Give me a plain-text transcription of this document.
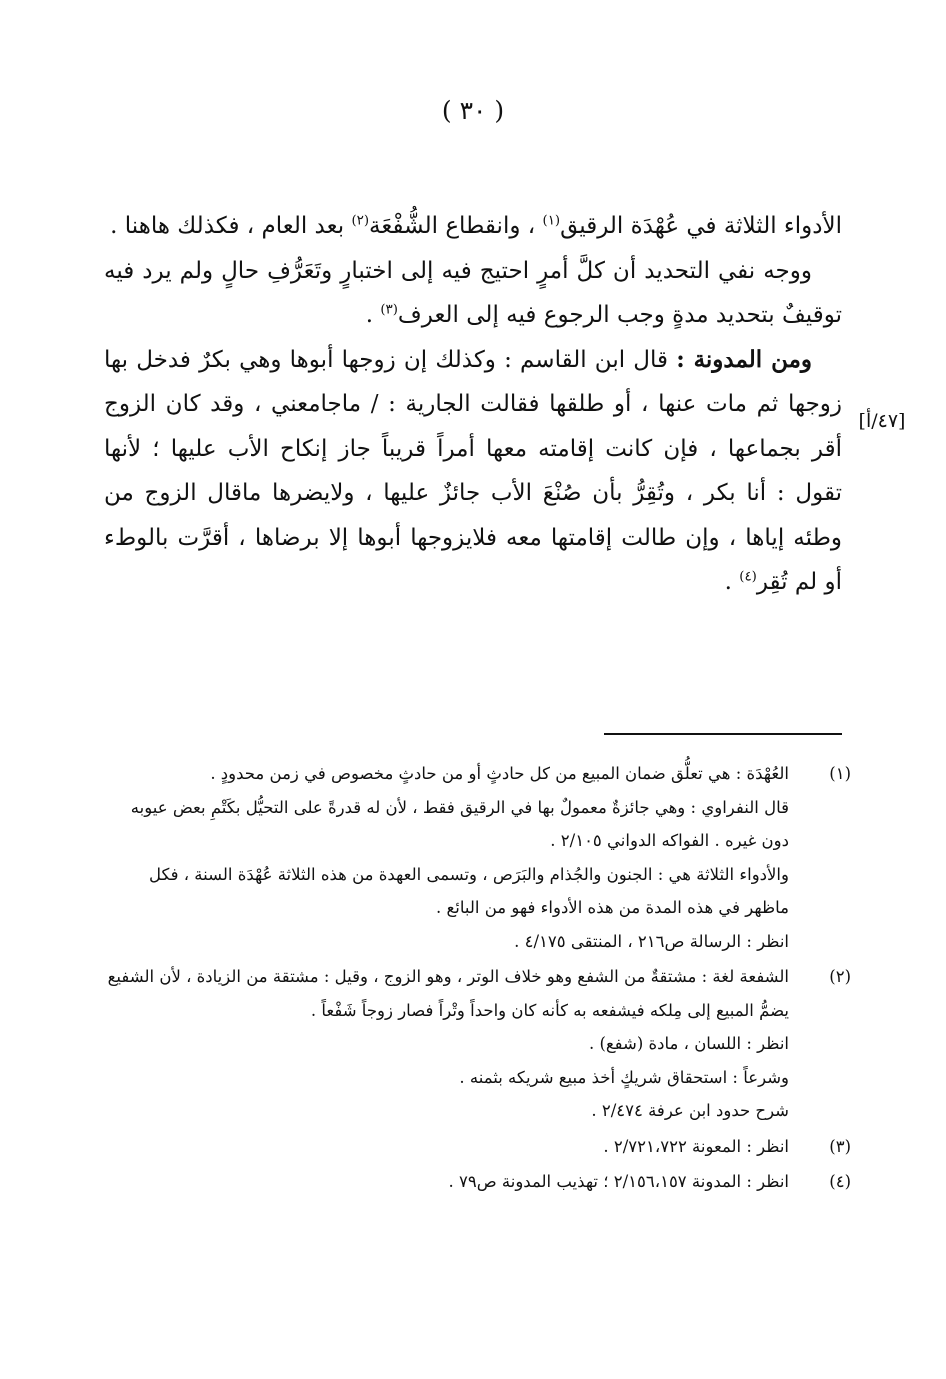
( ٣٠ )

الأدواء الثلاثة في عُهْدَة الرقيق$^{(١)}$ ، وانقطاع الشُّفْعَة$^{(٢)}$ بعد العام ، فكذلك هاهنا .

ووجه نفي التحديد أن كلَّ أمرٍ احتيج فيه إلى اختبارٍ وتَعَرُّفِ حالٍ ولم يرد فيه توقيفٌ بتحديد مدةٍ وجب الرجوع فيه إلى العرف$^{(٣)}$ .

ومن المدونة : قال ابن القاسم : وكذلك إن زوجها أبوها وهي بكرٌ فدخل بها زوجها ثم مات عنها ، أو طلقها فقالت الجارية : / ماجامعني ، وقد كان الزوج أقر بجماعها ، فإن كانت إقامته معها أمراً قريباً جاز إنكاح الأب عليها ؛ لأنها تقول : أنا بكر ، وتُقِرُّ بأن صُنْعَ الأب جائزٌ عليها ، ولايضرها ماقال الزوج من وطئه إياها ، وإن طالت إقامتها معه فلايزوجها أبوها إلا برضاها ، أقرَّت بالوطء أو لم تُقِر$^{(٤)}$ .

[٤٧/أ]
(١)
العُهْدَة : هي تعلُّق ضمان المبيع من كل حادثٍ أو من حادثٍ مخصوص في زمن محدودٍ .
قال النفراوي : وهي جائزةٌ معمولٌ بها في الرقيق فقط ، لأن له قدرةً على التحيُّل بكَتْمِ بعض عيوبه دون غيره . الفواكه الدواني ٢/١٠٥ .
والأدواء الثلاثة هي : الجنون والجُذام والبَرَص ، وتسمى العهدة من هذه الثلاثة عُهْدَة السنة ، فكل ماظهر في هذه المدة من هذه الأدواء فهو من البائع .
انظر : الرسالة ص٢١٦ ، المنتقى ٤/١٧٥ .
(٢)
الشفعة لغة : مشتقةٌ من الشفع وهو خلاف الوتر ، وهو الزوج ، وقيل : مشتقة من الزيادة ، لأن الشفيع يضمُّ المبيع إلى مِلكه فيشفعه به كأنه كان واحداً وتْراً فصار زوجاً شَفْعاً .
انظر : اللسان ، مادة (شفع) .
وشرعاً : استحقاق شريكٍ أخذ مبيع شريكه بثمنه .
شرح حدود ابن عرفة ٢/٤٧٤ .
(٣)
انظر : المعونة ٢/٧٢١،٧٢٢ .
(٤)
انظر : المدونة ٢/١٥٦،١٥٧ ؛ تهذيب المدونة ص٧٩ .
